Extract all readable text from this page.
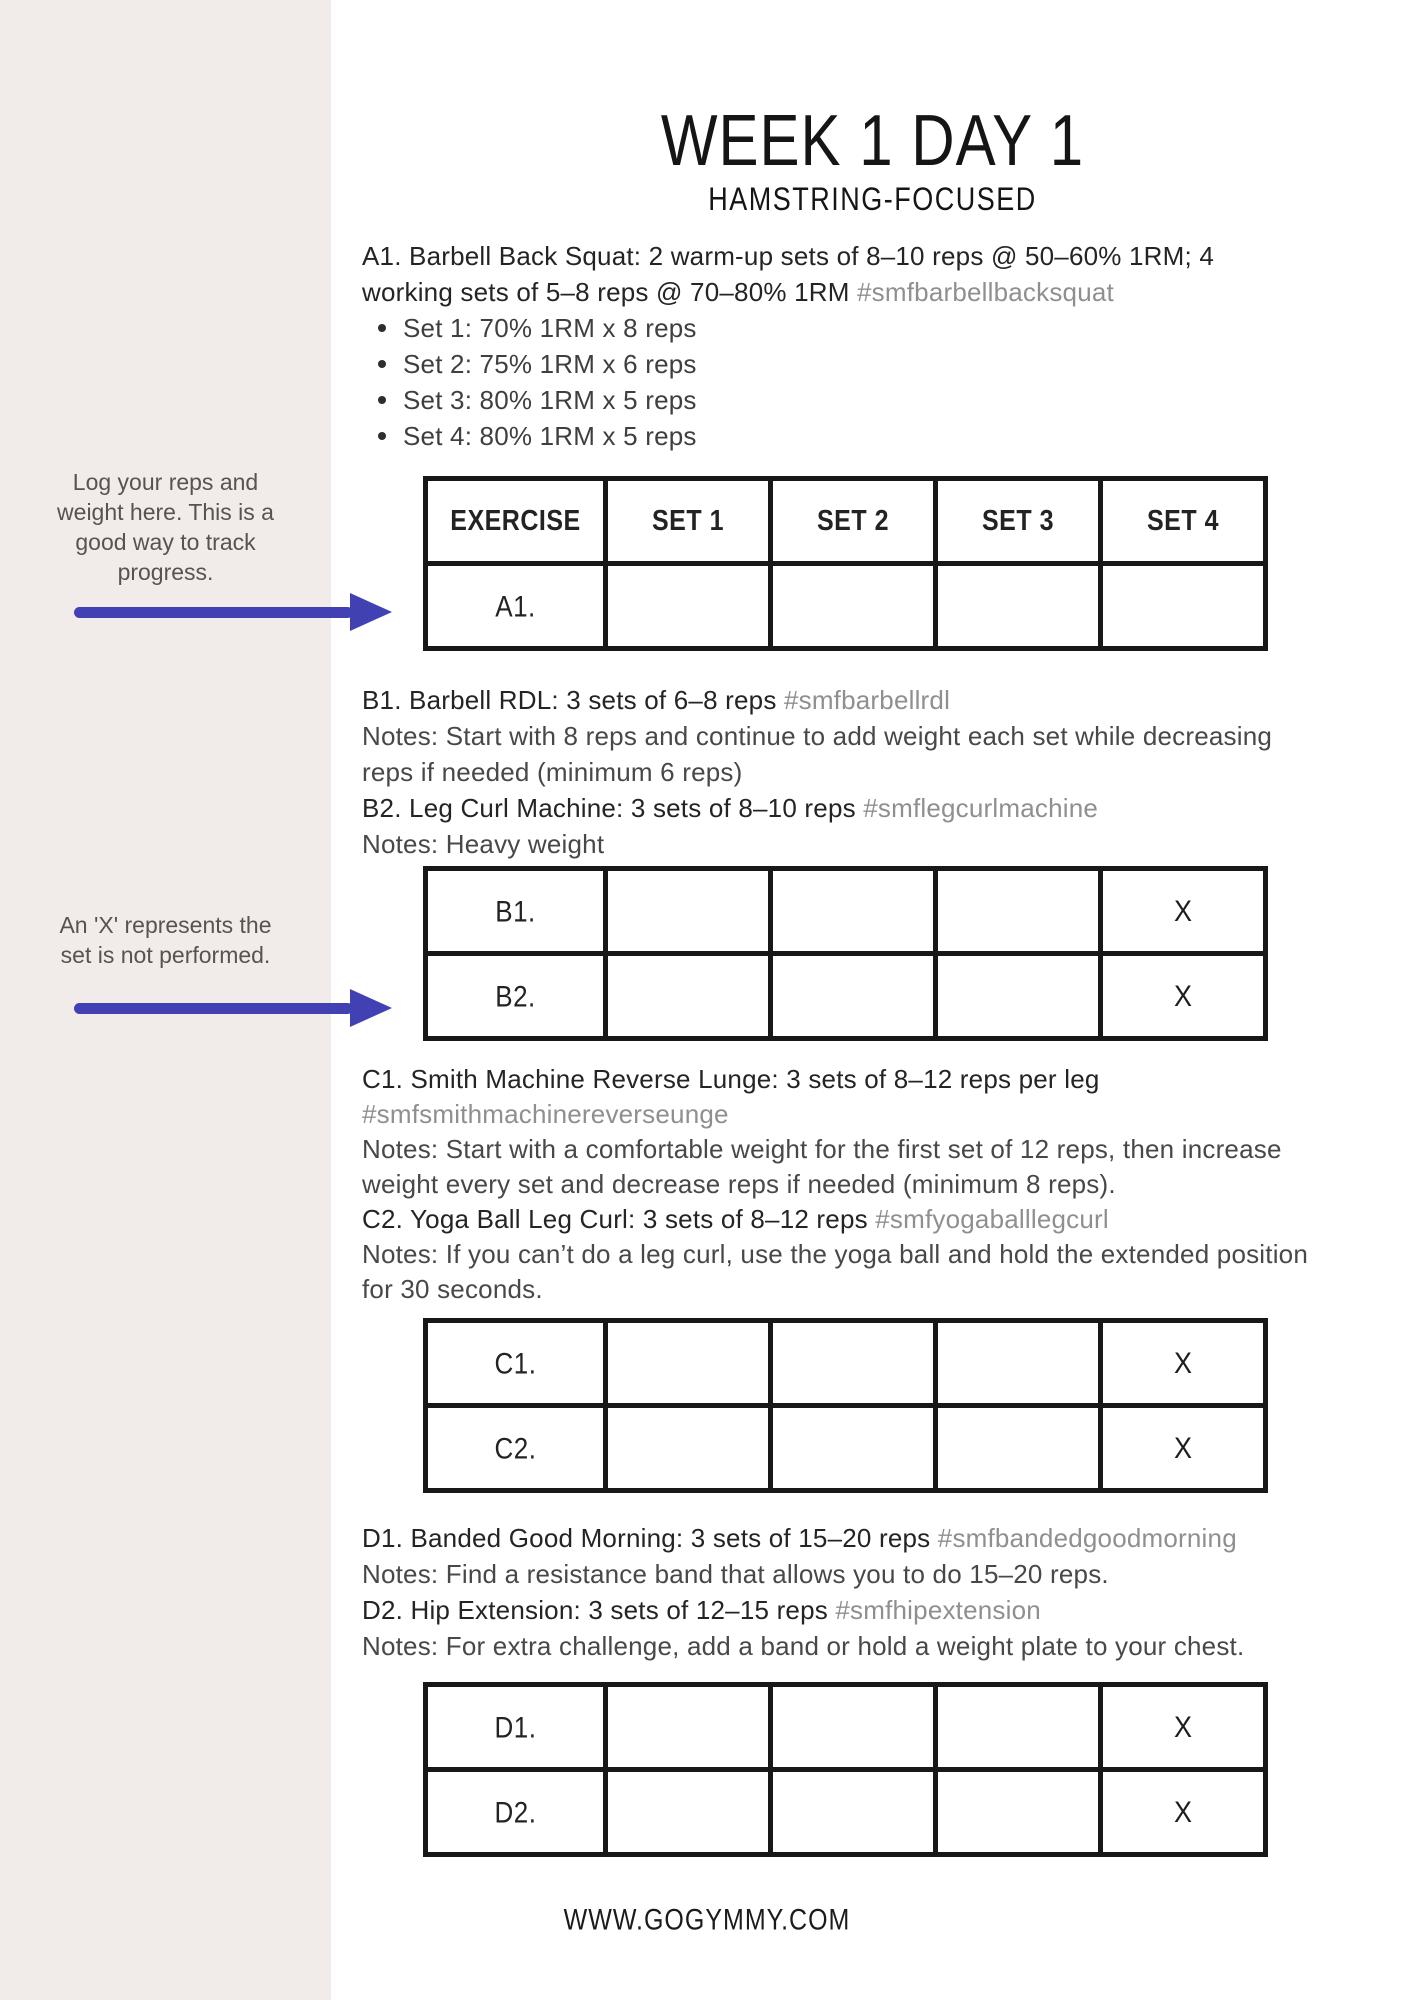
Log your reps and
weight here. This is a
good way to track
progress.
An 'X' represents the
set is not performed.
WEEK 1 DAY 1
HAMSTRING-FOCUSED
A1. Barbell Back Squat: 2 warm-up sets of 8–10 reps @ 50–60% 1RM; 4
working sets of 5–8 reps @ 70–80% 1RM #smfbarbellbacksquat
Set 1: 70% 1RM x 8 reps
Set 2: 75% 1RM x 6 reps
Set 3: 80% 1RM x 5 reps
Set 4: 80% 1RM x 5 reps
EXERCISE	SET 1	SET 2	SET 3	SET 4
A1.				
B1. Barbell RDL: 3 sets of 6–8 reps #smfbarbellrdl
Notes: Start with 8 reps and continue to add weight each set while decreasing
reps if needed (minimum 6 reps)
B2. Leg Curl Machine: 3 sets of 8–10 reps #smflegcurlmachine
Notes: Heavy weight
B1.				X
B2.				X
C1. Smith Machine Reverse Lunge: 3 sets of 8–12 reps per leg
#smfsmithmachinereverseunge
Notes: Start with a comfortable weight for the first set of 12 reps, then increase
weight every set and decrease reps if needed (minimum 8 reps).
C2. Yoga Ball Leg Curl: 3 sets of 8–12 reps #smfyogaballlegcurl
Notes: If you can’t do a leg curl, use the yoga ball and hold the extended position
for 30 seconds.
C1.				X
C2.				X
D1. Banded Good Morning: 3 sets of 15–20 reps #smfbandedgoodmorning
Notes: Find a resistance band that allows you to do 15–20 reps.
D2. Hip Extension: 3 sets of 12–15 reps #smfhipextension
Notes: For extra challenge, add a band or hold a weight plate to your chest.
D1.				X
D2.				X
WWW.GOGYMMY.COM
